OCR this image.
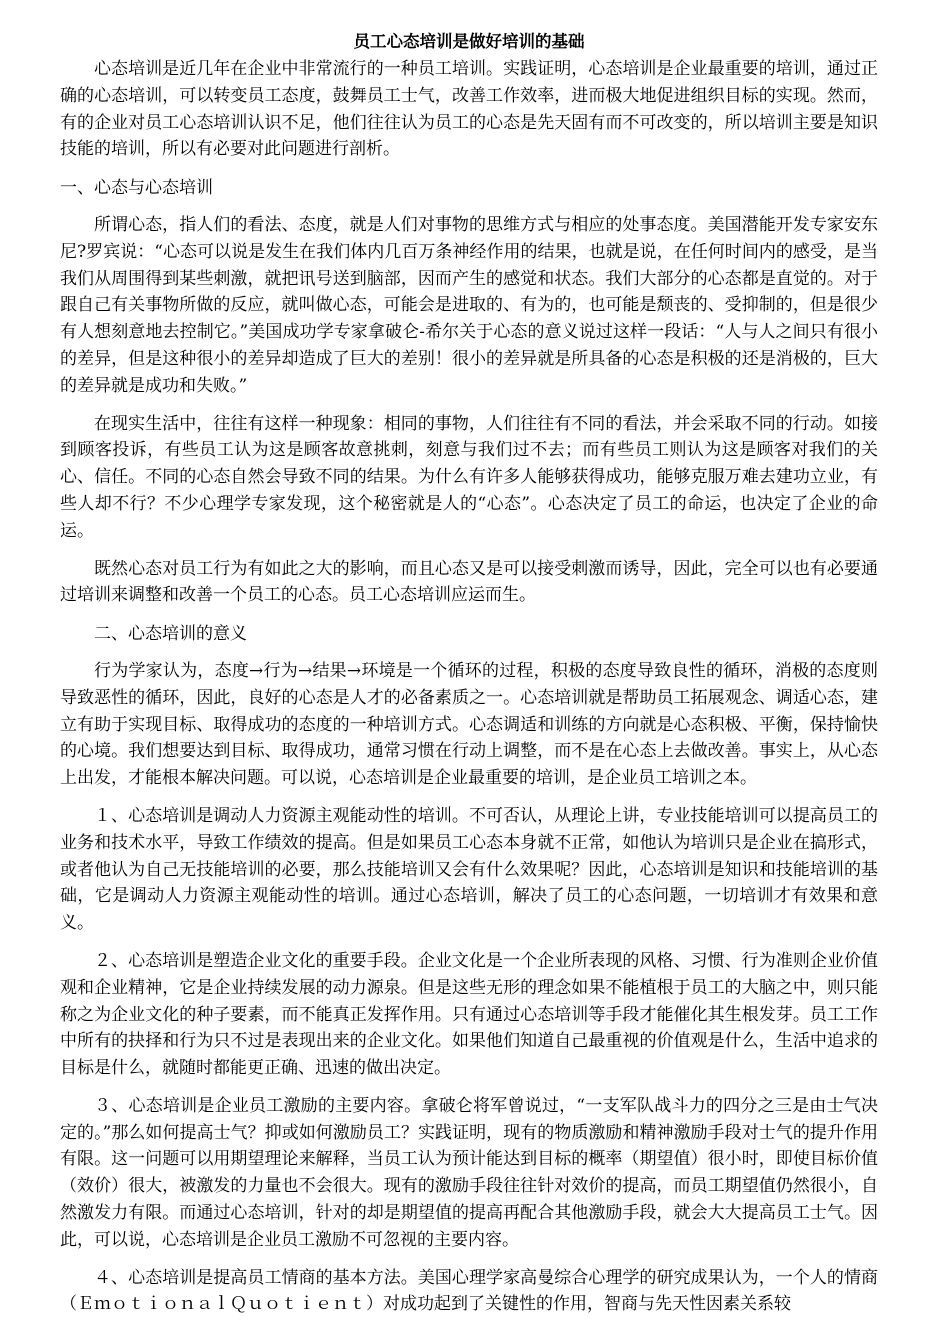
员工心态培训是做好培训的基础

心态培训是近几年在企业中非常流行的一种员工培训。实践证明，心态培训是企业最重要的培训，通过正确的心态培训，可以转变员工态度，鼓舞员工士气，改善工作效率，进而极大地促进组织目标的实现。然而，有的企业对员工心态培训认识不足，他们往往认为员工的心态是先天固有而不可改变的，所以培训主要是知识技能的培训，所以有必要对此问题进行剖析。

一、心态与心态培训

所谓心态，指人们的看法、态度，就是人们对事物的思维方式与相应的处事态度。美国潜能开发专家安东尼?罗宾说：“心态可以说是发生在我们体内几百万条神经作用的结果，也就是说，在任何时间内的感受，是当我们从周围得到某些刺激，就把讯号送到脑部，因而产生的感觉和状态。我们大部分的心态都是直觉的。对于跟自己有关事物所做的反应，就叫做心态，可能会是进取的、有为的，也可能是颓丧的、受抑制的，但是很少有人想刻意地去控制它。”美国成功学专家拿破仑-希尔关于心态的意义说过这样一段话：“人与人之间只有很小的差异，但是这种很小的差异却造成了巨大的差别！很小的差异就是所具备的心态是积极的还是消极的，巨大的差异就是成功和失败。”

在现实生活中，往往有这样一种现象：相同的事物，人们往往有不同的看法，并会采取不同的行动。如接到顾客投诉，有些员工认为这是顾客故意挑刺，刻意与我们过不去；而有些员工则认为这是顾客对我们的关心、信任。不同的心态自然会导致不同的结果。为什么有许多人能够获得成功，能够克服万难去建功立业，有些人却不行？不少心理学专家发现，这个秘密就是人的“心态”。心态决定了员工的命运，也决定了企业的命运。

既然心态对员工行为有如此之大的影响，而且心态又是可以接受刺激而诱导，因此，完全可以也有必要通过培训来调整和改善一个员工的心态。员工心态培训应运而生。

二、心态培训的意义

行为学家认为，态度→行为→结果→环境是一个循环的过程，积极的态度导致良性的循环，消极的态度则导致恶性的循环，因此，良好的心态是人才的必备素质之一。心态培训就是帮助员工拓展观念、调适心态，建立有助于实现目标、取得成功的态度的一种培训方式。心态调适和训练的方向就是心态积极、平衡，保持愉快的心境。我们想要达到目标、取得成功，通常习惯在行动上调整，而不是在心态上去做改善。事实上，从心态上出发，才能根本解决问题。可以说，心态培训是企业最重要的培训，是企业员工培训之本。

１、心态培训是调动人力资源主观能动性的培训。不可否认，从理论上讲，专业技能培训可以提高员工的业务和技术水平，导致工作绩效的提高。但是如果员工心态本身就不正常，如他认为培训只是企业在搞形式，或者他认为自己无技能培训的必要，那么技能培训又会有什么效果呢？因此，心态培训是知识和技能培训的基础，它是调动人力资源主观能动性的培训。通过心态培训，解决了员工的心态问题，一切培训才有效果和意义。

２、心态培训是塑造企业文化的重要手段。企业文化是一个企业所表现的风格、习惯、行为准则企业价值观和企业精神，它是企业持续发展的动力源泉。但是这些无形的理念如果不能植根于员工的大脑之中，则只能称之为企业文化的种子要素，而不能真正发挥作用。只有通过心态培训等手段才能催化其生根发芽。员工工作中所有的抉择和行为只不过是表现出来的企业文化。如果他们知道自己最重视的价值观是什么，生活中追求的目标是什么，就随时都能更正确、迅速的做出决定。

３、心态培训是企业员工激励的主要内容。拿破仑将军曾说过，“一支军队战斗力的四分之三是由士气决定的。”那么如何提高士气？抑或如何激励员工？实践证明，现有的物质激励和精神激励手段对士气的提升作用有限。这一问题可以用期望理论来解释，当员工认为预计能达到目标的概率（期望值）很小时，即使目标价值（效价）很大，被激发的力量也不会很大。现有的激励手段往往针对效价的提高，而员工期望值仍然很小，自然激发力有限。而通过心态培训，针对的却是期望值的提高再配合其他激励手段，就会大大提高员工士气。因此，可以说，心态培训是企业员工激励不可忽视的主要内容。

４、心态培训是提高员工情商的基本方法。美国心理学家高曼综合心理学的研究成果认为，一个人的情商（ＥｍｏｔｉｏｎａｌＱｕｏｔｉｅｎｔ）对成功起到了关键性的作用，智商与先天性因素关系较
